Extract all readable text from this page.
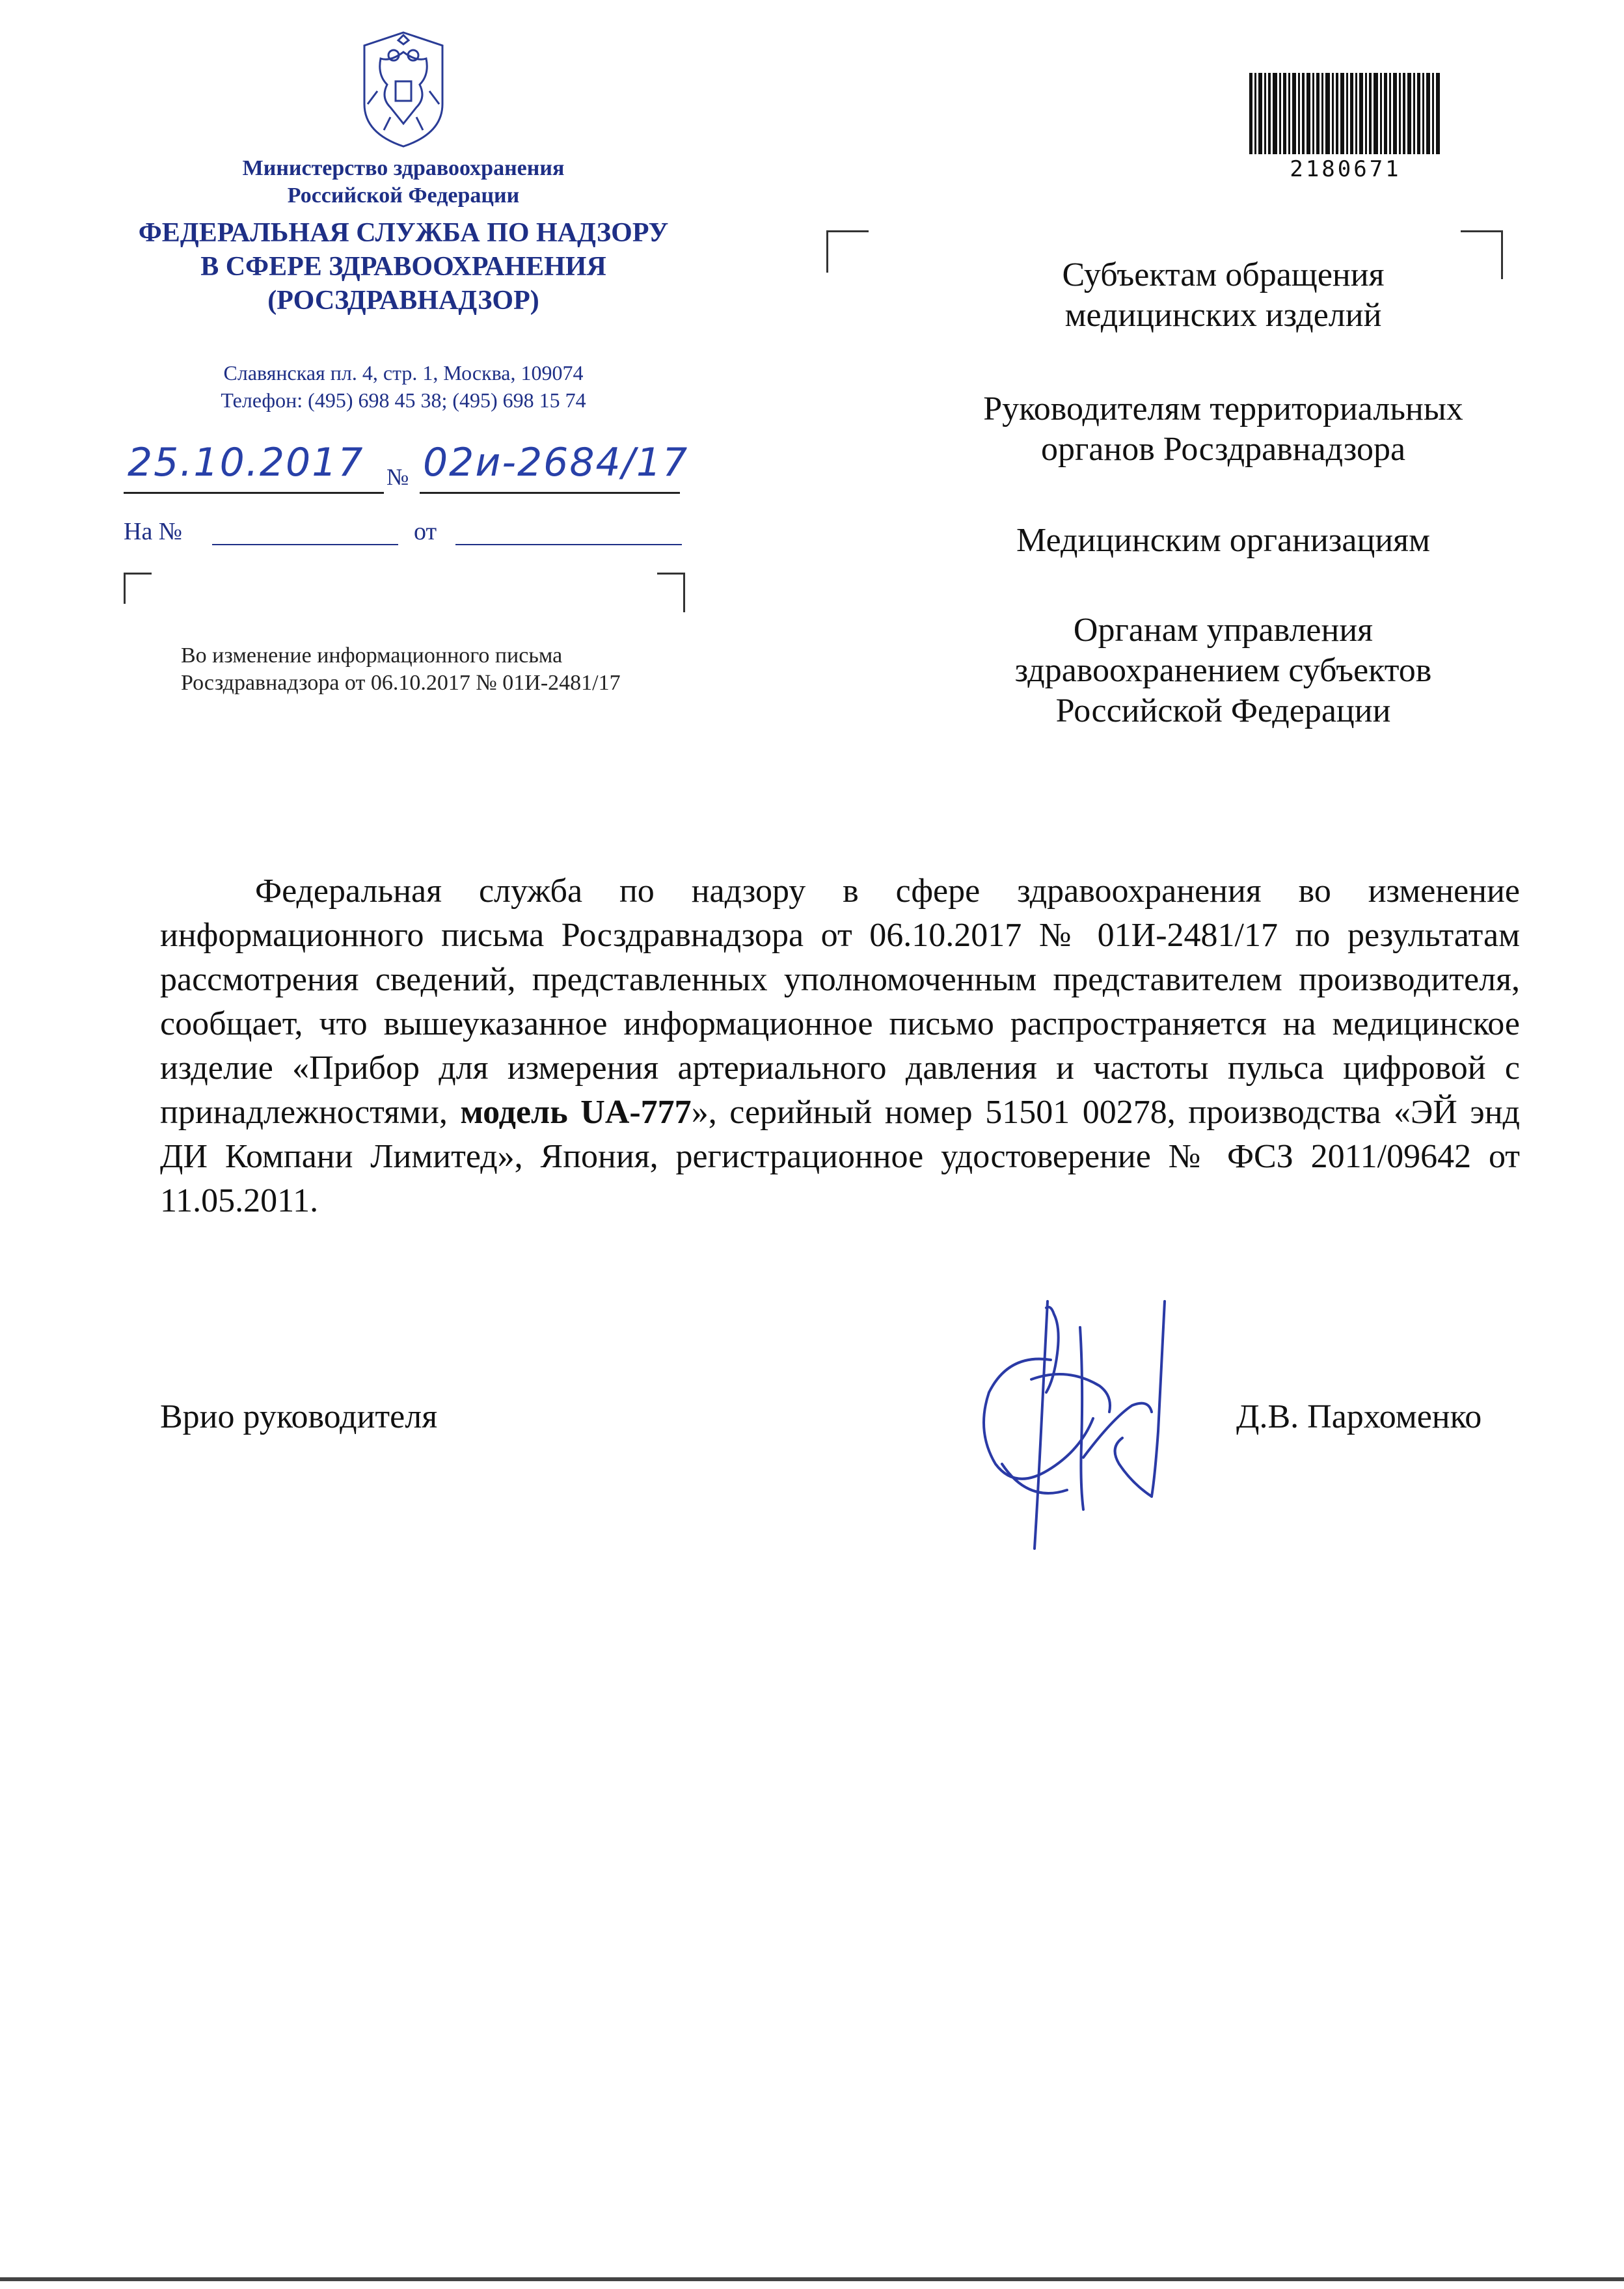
Министерство здравоохранения
Российской Федерации
ФЕДЕРАЛЬНАЯ СЛУЖБА ПО НАДЗОРУ
В СФЕРЕ ЗДРАВООХРАНЕНИЯ
(РОСЗДРАВНАДЗОР)
Славянская пл. 4, стр. 1, Москва, 109074
Телефон: (495) 698 45 38; (495) 698 15 74
25.10.2017 № 02и-2684/17
На №	от
Во изменение информационного письма
Росздравнадзора от 06.10.2017 № 01И-2481/17
2180671
Субъектам обращения
медицинских изделий
Руководителям территориальных
органов Росздравнадзора
Медицинским организациям
Органам управления
здравоохранением субъектов
Российской Федерации

Федеральная служба по надзору в сфере здравоохранения во изменение информационного письма Росздравнадзора от 06.10.2017 № 01И-2481/17 по результатам рассмотрения сведений, представленных уполномоченным представителем производителя, сообщает, что вышеуказанное информационное письмо распространяется на медицинское изделие «Прибор для измерения артериального давления и частоты пульса цифровой с принадлежностями, модель UA-777», серийный номер 51501 00278, производства «ЭЙ энд ДИ Компани Лимитед», Япония, регистрационное удостоверение № ФСЗ 2011/09642 от 11.05.2011.

Врио руководителя	Д.В. Пархоменко
